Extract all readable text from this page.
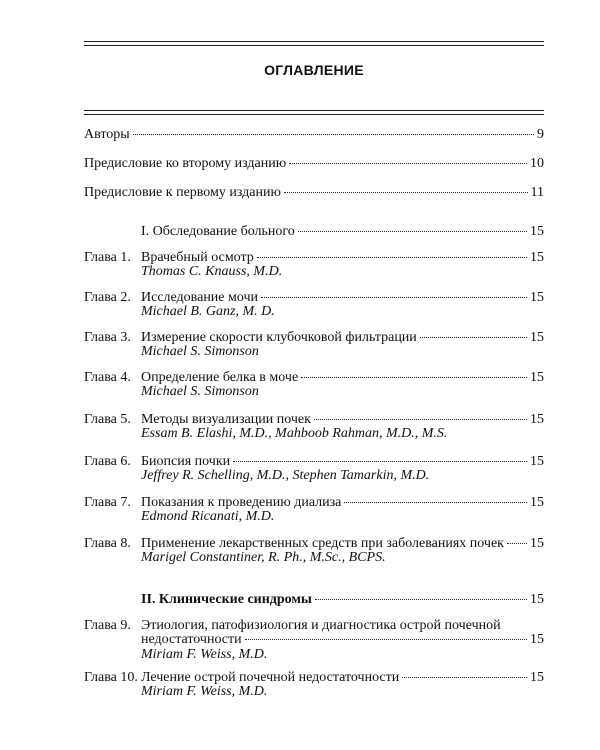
ОГЛАВЛЕНИЕ
Авторы	9
Предисловие ко второму изданию	10
Предисловие к первому изданию	11
I. Обследование больного	15
Глава 1. Врачебный осмотр	15
Thomas C. Knauss, M.D.
Глава 2. Исследование мочи	15
Michael B. Ganz, M. D.
Глава 3. Измерение скорости клубочковой фильтрации	15
Michael S. Simonson
Глава 4. Определение белка в моче	15
Michael S. Simonson
Глава 5. Методы визуализации почек	15
Essam B. Elashi, M.D., Mahboob Rahman, M.D., M.S.
Глава 6. Биопсия почки	15
Jeffrey R. Schelling, M.D., Stephen Tamarkin, M.D.
Глава 7. Показания к проведению диализа	15
Edmond Ricanati, M.D.
Глава 8. Применение лекарственных средств при заболеваниях почек 15
Marigel Constantiner, R. Ph., M.Sc., BCPS.
II. Клинические синдромы	15
Глава 9. Этиология, патофизиология и диагностика острой почечной
недостаточности	15
Miriam F. Weiss, M.D.
Глава 10. Лечение острой почечной недостаточности	15
Miriam F. Weiss, M.D.
